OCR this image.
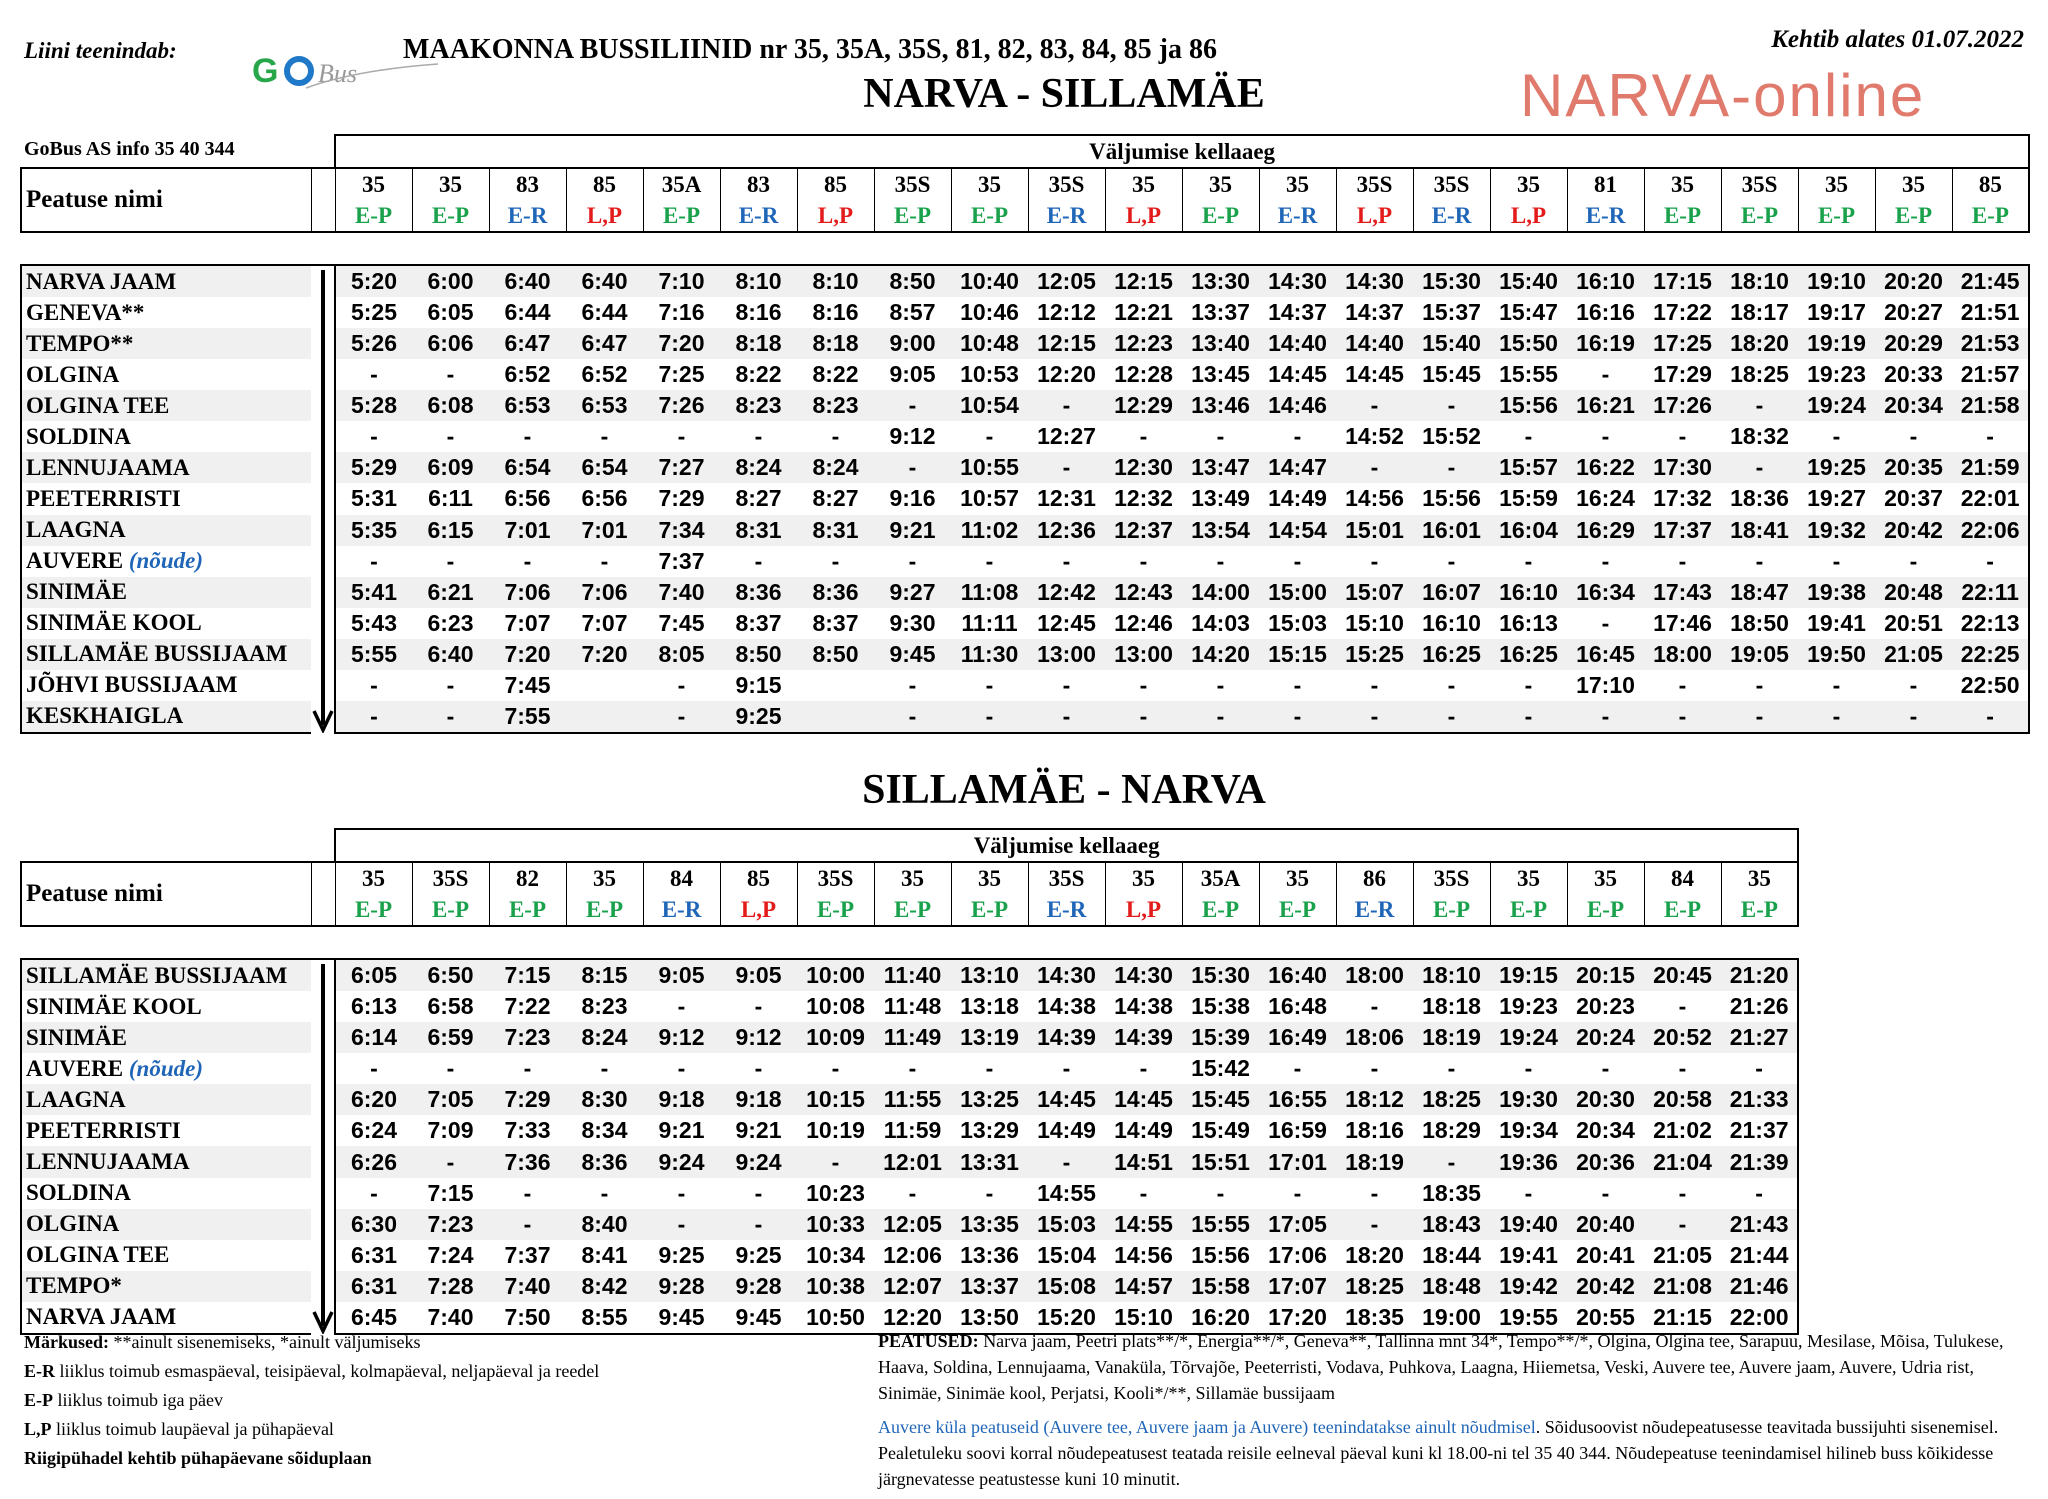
Liini teenindab:
G Bus
MAAKONNA BUSSILIINID nr 35, 35A, 35S, 81, 82, 83, 84, 85 ja 86
NARVA - SILLAMÄE
Kehtib alates 01.07.2022
NARVA-online
GoBus AS info 35 40 344
		Väljumise kellaaeg																					
Peatuse nimi		35	35	83	85	35A	83	85	35S	35	35S	35	35	35	35S	35S	35	81	35	35S	35	35	85
		E-P	E-P	E-R	L,P	E-P	E-R	L,P	E-P	E-P	E-R	L,P	E-P	E-R	L,P	E-R	L,P	E-R	E-P	E-P	E-P	E-P	E-P

NARVA JAAM		5:20	6:00	6:40	6:40	7:10	8:10	8:10	8:50	10:40	12:05	12:15	13:30	14:30	14:30	15:30	15:40	16:10	17:15	18:10	19:10	20:20	21:45
GENEVA**		5:25	6:05	6:44	6:44	7:16	8:16	8:16	8:57	10:46	12:12	12:21	13:37	14:37	14:37	15:37	15:47	16:16	17:22	18:17	19:17	20:27	21:51
TEMPO**		5:26	6:06	6:47	6:47	7:20	8:18	8:18	9:00	10:48	12:15	12:23	13:40	14:40	14:40	15:40	15:50	16:19	17:25	18:20	19:19	20:29	21:53
OLGINA		-	-	6:52	6:52	7:25	8:22	8:22	9:05	10:53	12:20	12:28	13:45	14:45	14:45	15:45	15:55	-	17:29	18:25	19:23	20:33	21:57
OLGINA TEE		5:28	6:08	6:53	6:53	7:26	8:23	8:23	-	10:54	-	12:29	13:46	14:46	-	-	15:56	16:21	17:26	-	19:24	20:34	21:58
SOLDINA		-	-	-	-	-	-	-	9:12	-	12:27	-	-	-	14:52	15:52	-	-	-	18:32	-	-	-
LENNUJAAMA		5:29	6:09	6:54	6:54	7:27	8:24	8:24	-	10:55	-	12:30	13:47	14:47	-	-	15:57	16:22	17:30	-	19:25	20:35	21:59
PEETERRISTI		5:31	6:11	6:56	6:56	7:29	8:27	8:27	9:16	10:57	12:31	12:32	13:49	14:49	14:56	15:56	15:59	16:24	17:32	18:36	19:27	20:37	22:01
LAAGNA		5:35	6:15	7:01	7:01	7:34	8:31	8:31	9:21	11:02	12:36	12:37	13:54	14:54	15:01	16:01	16:04	16:29	17:37	18:41	19:32	20:42	22:06
AUVERE (nõude)		-	-	-	-	7:37	-	-	-	-	-	-	-	-	-	-	-	-	-	-	-	-	-
SINIMÄE		5:41	6:21	7:06	7:06	7:40	8:36	8:36	9:27	11:08	12:42	12:43	14:00	15:00	15:07	16:07	16:10	16:34	17:43	18:47	19:38	20:48	22:11
SINIMÄE KOOL		5:43	6:23	7:07	7:07	7:45	8:37	8:37	9:30	11:11	12:45	12:46	14:03	15:03	15:10	16:10	16:13	-	17:46	18:50	19:41	20:51	22:13
SILLAMÄE BUSSIJAAM		5:55	6:40	7:20	7:20	8:05	8:50	8:50	9:45	11:30	13:00	13:00	14:20	15:15	15:25	16:25	16:25	16:45	18:00	19:05	19:50	21:05	22:25
JÕHVI BUSSIJAAM		-	-	7:45		-	9:15		-	-	-	-	-	-	-	-	-	17:10	-	-	-	-	22:50
KESKHAIGLA		-	-	7:55		-	9:25		-	-	-	-	-	-	-	-	-	-	-	-	-	-	-
SILLAMÄE - NARVA
		Väljumise kellaaeg																		
Peatuse nimi		35	35S	82	35	84	85	35S	35	35	35S	35	35A	35	86	35S	35	35	84	35
		E-P	E-P	E-P	E-P	E-R	L,P	E-P	E-P	E-P	E-R	L,P	E-P	E-P	E-R	E-P	E-P	E-P	E-P	E-P

SILLAMÄE BUSSIJAAM		6:05	6:50	7:15	8:15	9:05	9:05	10:00	11:40	13:10	14:30	14:30	15:30	16:40	18:00	18:10	19:15	20:15	20:45	21:20
SINIMÄE KOOL		6:13	6:58	7:22	8:23	-	-	10:08	11:48	13:18	14:38	14:38	15:38	16:48	-	18:18	19:23	20:23	-	21:26
SINIMÄE		6:14	6:59	7:23	8:24	9:12	9:12	10:09	11:49	13:19	14:39	14:39	15:39	16:49	18:06	18:19	19:24	20:24	20:52	21:27
AUVERE (nõude)		-	-	-	-	-	-	-	-	-	-	-	15:42	-	-	-	-	-	-	-
LAAGNA		6:20	7:05	7:29	8:30	9:18	9:18	10:15	11:55	13:25	14:45	14:45	15:45	16:55	18:12	18:25	19:30	20:30	20:58	21:33
PEETERRISTI		6:24	7:09	7:33	8:34	9:21	9:21	10:19	11:59	13:29	14:49	14:49	15:49	16:59	18:16	18:29	19:34	20:34	21:02	21:37
LENNUJAAMA		6:26	-	7:36	8:36	9:24	9:24	-	12:01	13:31	-	14:51	15:51	17:01	18:19	-	19:36	20:36	21:04	21:39
SOLDINA		-	7:15	-	-	-	-	10:23	-	-	14:55	-	-	-	-	18:35	-	-	-	-
OLGINA		6:30	7:23	-	8:40	-	-	10:33	12:05	13:35	15:03	14:55	15:55	17:05	-	18:43	19:40	20:40	-	21:43
OLGINA TEE		6:31	7:24	7:37	8:41	9:25	9:25	10:34	12:06	13:36	15:04	14:56	15:56	17:06	18:20	18:44	19:41	20:41	21:05	21:44
TEMPO*		6:31	7:28	7:40	8:42	9:28	9:28	10:38	12:07	13:37	15:08	14:57	15:58	17:07	18:25	18:48	19:42	20:42	21:08	21:46
NARVA JAAM		6:45	7:40	7:50	8:55	9:45	9:45	10:50	12:20	13:50	15:20	15:10	16:20	17:20	18:35	19:00	19:55	20:55	21:15	22:00
Märkused: **ainult sisenemiseks, *ainult väljumiseks
E-R liiklus toimub esmaspäeval, teisipäeval, kolmapäeval, neljapäeval ja reedel
E-P liiklus toimub iga päev
L,P liiklus toimub laupäeval ja pühapäeval
Riigipühadel kehtib pühapäevane sõiduplaan
PEATUSED: Narva jaam, Peetri plats**/*, Energia**/*, Geneva**, Tallinna mnt 34*, Tempo**/*, Olgina, Olgina tee, Sarapuu, Mesilase, Mõisa, Tulukese, Haava, Soldina, Lennujaama, Vanaküla, Tõrvajõe, Peeterristi, Vodava, Puhkova, Laagna, Hiiemetsa, Veski, Auvere tee, Auvere jaam, Auvere, Udria rist, Sinimäe, Sinimäe kool, Perjatsi, Kooli*/**, Sillamäe bussijaam
Auvere küla peatuseid (Auvere tee, Auvere jaam ja Auvere) teenindatakse ainult nõudmisel. Sõidusoovist nõudepeatusesse teavitada bussijuhti sisenemisel. Pealetuleku soovi korral nõudepeatusest teatada reisile eelneval päeval kuni kl 18.00-ni tel 35 40 344. Nõudepeatuse teenindamisel hilineb buss kõikidesse järgnevatesse peatustesse kuni 10 minutit.
